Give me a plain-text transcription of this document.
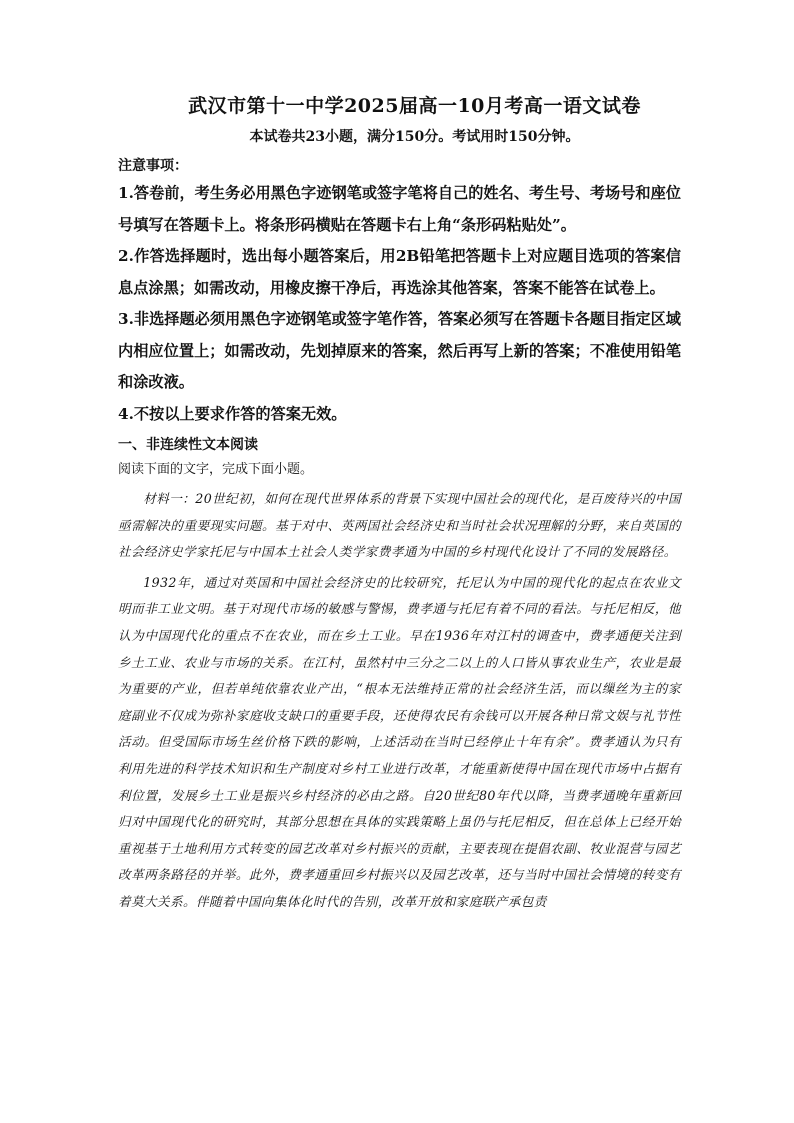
武汉市第十一中学2025届高一10月考高一语文试卷

本试卷共23小题，满分150分。考试用时150分钟。

注意事项：

1.答卷前，考生务必用黑色字迹钢笔或签字笔将自己的姓名、考生号、考场号和座位号填写在答题卡上。将条形码横贴在答题卡右上角“条形码粘贴处”。

2.作答选择题时，选出每小题答案后，用2B铅笔把答题卡上对应题目选项的答案信息点涂黑；如需改动，用橡皮擦干净后，再选涂其他答案，答案不能答在试卷上。

3.非选择题必须用黑色字迹钢笔或签字笔作答，答案必须写在答题卡各题目指定区域内相应位置上；如需改动，先划掉原来的答案，然后再写上新的答案；不准使用铅笔和涂改液。

4.不按以上要求作答的答案无效。

一、非连续性文本阅读

阅读下面的文字，完成下面小题。

材料一：20世纪初，如何在现代世界体系的背景下实现中国社会的现代化，是百废待兴的中国亟需解决的重要现实问题。基于对中、英两国社会经济史和当时社会状况理解的分野，来自英国的社会经济史学家托尼与中国本土社会人类学家费孝通为中国的乡村现代化设计了不同的发展路径。

1932年，通过对英国和中国社会经济史的比较研究，托尼认为中国的现代化的起点在农业文明而非工业文明。基于对现代市场的敏感与警惕，费孝通与托尼有着不同的看法。与托尼相反，他认为中国现代化的重点不在农业，而在乡土工业。早在1936年对江村的调查中，费孝通便关注到乡土工业、农业与市场的关系。在江村，虽然村中三分之二以上的人口皆从事农业生产，农业是最为重要的产业，但若单纯依靠农业产出，“根本无法维持正常的社会经济生活，而以缫丝为主的家庭副业不仅成为弥补家庭收支缺口的重要手段，还使得农民有余钱可以开展各种日常文娱与礼节性活动。但受国际市场生丝价格下跌的影响，上述活动在当时已经停止十年有余”。费孝通认为只有利用先进的科学技术知识和生产制度对乡村工业进行改革，才能重新使得中国在现代市场中占据有利位置，发展乡土工业是振兴乡村经济的必由之路。自20世纪80年代以降，当费孝通晚年重新回归对中国现代化的研究时，其部分思想在具体的实践策略上虽仍与托尼相反，但在总体上已经开始重视基于土地利用方式转变的园艺改革对乡村振兴的贡献，主要表现在提倡农副、牧业混营与园艺改革两条路径的并举。此外，费孝通重回乡村振兴以及园艺改革，还与当时中国社会情境的转变有着莫大关系。伴随着中国向集体化时代的告别，改革开放和家庭联产承包责
